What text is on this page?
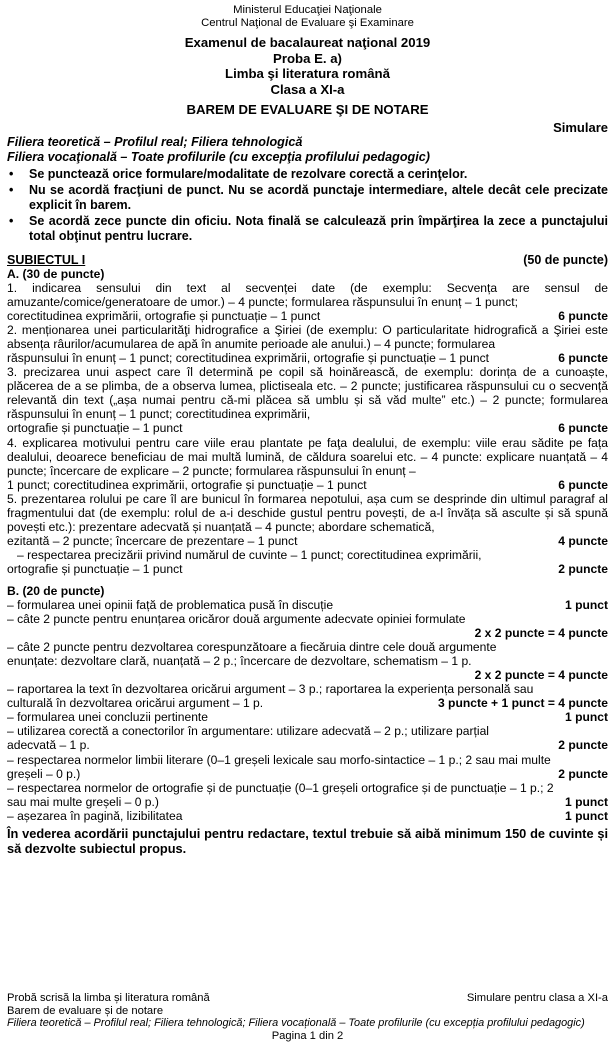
Ministerul Educaţiei Naţionale
Centrul Naţional de Evaluare şi Examinare
Examenul de bacalaureat naţional 2019
Proba E. a)
Limba şi literatura română
Clasa a XI-a
BAREM DE EVALUARE ŞI DE NOTARE
Simulare
Filiera teoretică – Profilul real; Filiera tehnologică
Filiera vocaţională – Toate profilurile (cu excepţia profilului pedagogic)
• Se punctează orice formulare/modalitate de rezolvare corectă a cerinţelor.
• Nu se acordă fracţiuni de punct. Nu se acordă punctaje intermediare, altele decât cele precizate explicit în barem.
• Se acordă zece puncte din oficiu. Nota finală se calculează prin împărţirea la zece a punctajului total obţinut pentru lucrare.
SUBIECTUL I	(50 de puncte)
A. (30 de puncte)

1. indicarea sensului din text al secvenței date (de exemplu: Secvența are sensul de amuzante/comice/generatoare de umor.) – 4 puncte; formularea răspunsului în enunț – 1 punct;

corectitudinea exprimării, ortografie și punctuație – 1 punct	6 puncte

2. menționarea unei particularităţi hidrografice a Şiriei (de exemplu: O particularitate hidrografică a Şiriei este absența râurilor/acumularea de apă în anumite perioade ale anului.) – 4 puncte; formularea

răspunsului în enunț – 1 punct; corectitudinea exprimării, ortografie și punctuație – 1 punct	6 puncte

3. precizarea unui aspect care îl determină pe copil să hoinărească, de exemplu: dorința de a cunoaște, plăcerea de a se plimba, de a observa lumea, plictiseala etc. – 2 puncte; justificarea răspunsului cu o secvență relevantă din text („așa numai pentru că-mi plăcea să umblu și să văd multe” etc.) – 2 puncte; formularea răspunsului în enunț – 1 punct; corectitudinea exprimării,

ortografie și punctuație – 1 punct	6 puncte

4. explicarea motivului pentru care viile erau plantate pe faţa dealului, de exemplu: viile erau sădite pe fața dealului, deoarece beneficiau de mai multă lumină, de căldura soarelui etc. – 4 puncte: explicare nuanțată – 4 puncte; încercare de explicare – 2 puncte; formularea răspunsului în enunț –

1 punct; corectitudinea exprimării, ortografie și punctuație – 1 punct	6 puncte

5. prezentarea rolului pe care îl are bunicul în formarea nepotului, așa cum se desprinde din ultimul paragraf al fragmentului dat (de exemplu: rolul de a-i deschide gustul pentru povești, de a-l învăța să asculte și să spună povești etc.): prezentare adecvată și nuanțată – 4 puncte; abordare schematică,

ezitantă – 2 puncte; încercare de prezentare – 1 punct	4 puncte

– respectarea precizării privind numărul de cuvinte – 1 punct; corectitudinea exprimării,

ortografie și punctuație – 1 punct	2 puncte
B. (20 de puncte)
– formularea unei opinii față de problematica pusă în discuție	1 punct
– câte 2 puncte pentru enunțarea oricăror două argumente adecvate opiniei formulate
2 x 2 puncte = 4 puncte

– câte 2 puncte pentru dezvoltarea corespunzătoare a fiecăruia dintre cele două argumente

enunțate: dezvoltare clară, nuanțată – 2 p.; încercare de dezvoltare, schematism – 1 p.
2 x 2 puncte = 4 puncte

– raportarea la text în dezvoltarea oricărui argument – 3 p.; raportarea la experiența personală sau

culturală în dezvoltarea oricărui argument – 1 p.	3 puncte + 1 punct = 4 puncte
– formularea unei concluzii pertinente	1 punct

– utilizarea corectă a conectorilor în argumentare: utilizare adecvată – 2 p.; utilizare parțial

adecvată – 1 p.	2 puncte

– respectarea normelor limbii literare (0–1 greșeli lexicale sau morfo-sintactice – 1 p.; 2 sau mai multe

greșeli – 0 p.)	2 puncte

– respectarea normelor de ortografie și de punctuație (0–1 greșeli ortografice și de punctuație – 1 p.; 2

sau mai multe greșeli – 0 p.)	1 punct
– așezarea în pagină, lizibilitatea	1 punct
În vederea acordării punctajului pentru redactare, textul trebuie să aibă minimum 150 de cuvinte și să dezvolte subiectul propus.
Probă scrisă la limba și literatura română	Simulare pentru clasa a XI-a
Barem de evaluare și de notare
Filiera teoretică – Profilul real; Filiera tehnologică; Filiera vocațională – Toate profilurile (cu excepția profilului pedagogic)
Pagina 1 din 2
